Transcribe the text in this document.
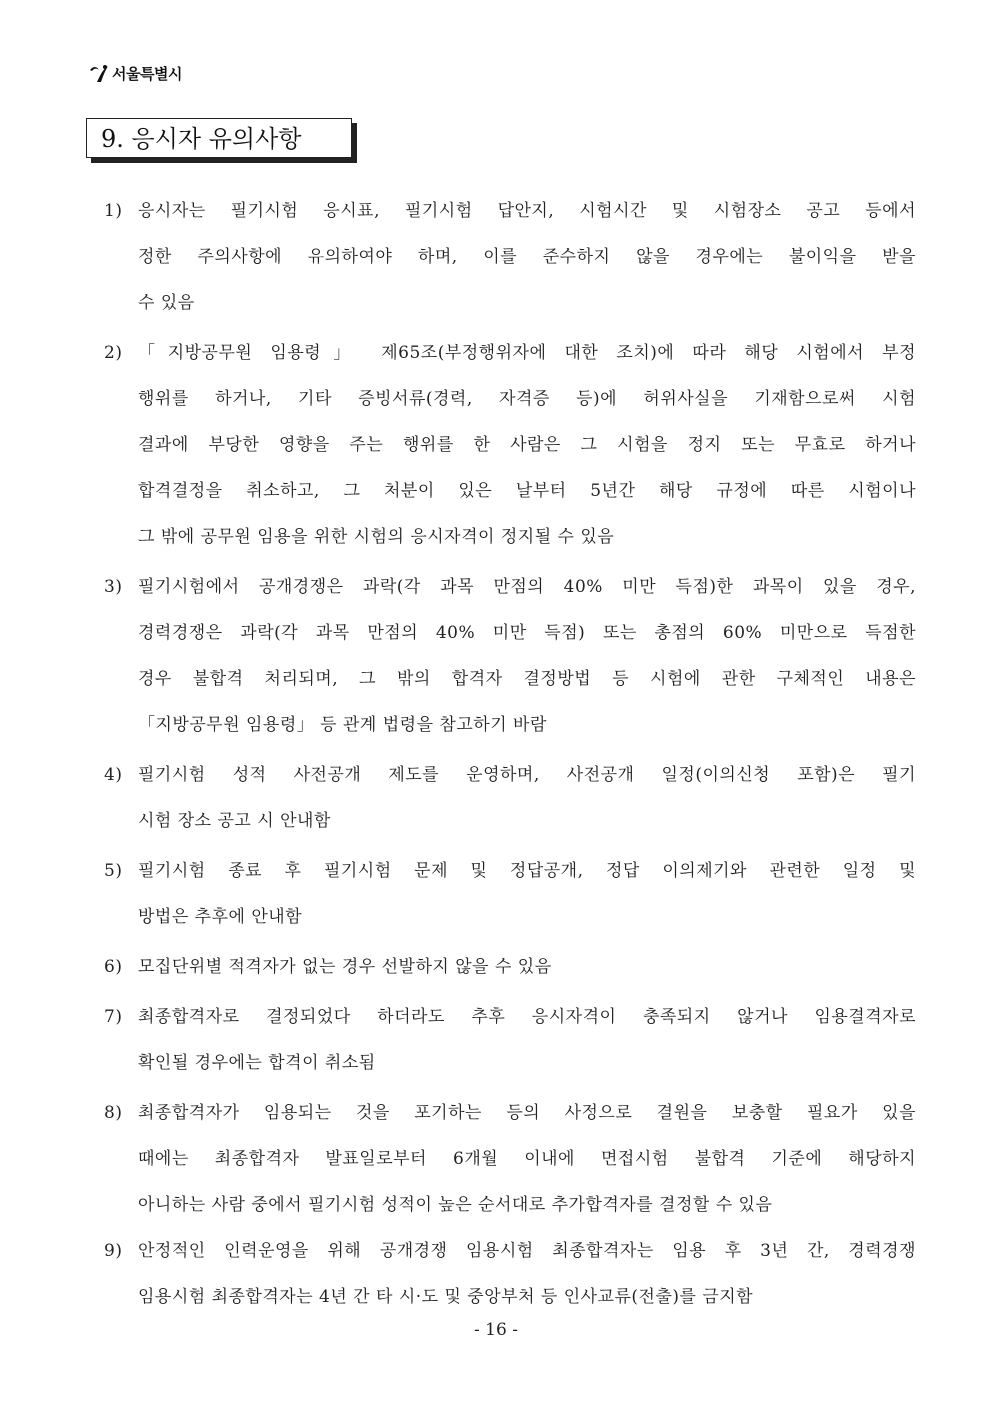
서울특별시
9. 응시자 유의사항
1) 응시자는 필기시험 응시표, 필기시험 답안지, 시험시간 및 시험장소 공고 등에서
정한 주의사항에 유의하여야 하며, 이를 준수하지 않을 경우에는 불이익을 받을
수 있음
2) 「지방공무원 임용령」 제65조(부정행위자에 대한 조치)에 따라 해당 시험에서 부정
행위를 하거나, 기타 증빙서류(경력, 자격증 등)에 허위사실을 기재함으로써 시험
결과에 부당한 영향을 주는 행위를 한 사람은 그 시험을 정지 또는 무효로 하거나
합격결정을 취소하고, 그 처분이 있은 날부터 5년간 해당 규정에 따른 시험이나
그 밖에 공무원 임용을 위한 시험의 응시자격이 정지될 수 있음
3) 필기시험에서 공개경쟁은 과락(각 과목 만점의 40% 미만 득점)한 과목이 있을 경우,
경력경쟁은 과락(각 과목 만점의 40% 미만 득점) 또는 총점의 60% 미만으로 득점한
경우 불합격 처리되며, 그 밖의 합격자 결정방법 등 시험에 관한 구체적인 내용은
「지방공무원 임용령」 등 관계 법령을 참고하기 바람
4) 필기시험 성적 사전공개 제도를 운영하며, 사전공개 일정(이의신청 포함)은 필기
시험 장소 공고 시 안내함
5) 필기시험 종료 후 필기시험 문제 및 정답공개, 정답 이의제기와 관련한 일정 및
방법은 추후에 안내함
6) 모집단위별 적격자가 없는 경우 선발하지 않을 수 있음
7) 최종합격자로 결정되었다 하더라도 추후 응시자격이 충족되지 않거나 임용결격자로
확인될 경우에는 합격이 취소됨
8) 최종합격자가 임용되는 것을 포기하는 등의 사정으로 결원을 보충할 필요가 있을
때에는 최종합격자 발표일로부터 6개월 이내에 면접시험 불합격 기준에 해당하지
아니하는 사람 중에서 필기시험 성적이 높은 순서대로 추가합격자를 결정할 수 있음
9) 안정적인 인력운영을 위해 공개경쟁 임용시험 최종합격자는 임용 후 3년 간, 경력경쟁
임용시험 최종합격자는 4년 간 타 시·도 및 중앙부처 등 인사교류(전출)를 금지함
- 16 -
